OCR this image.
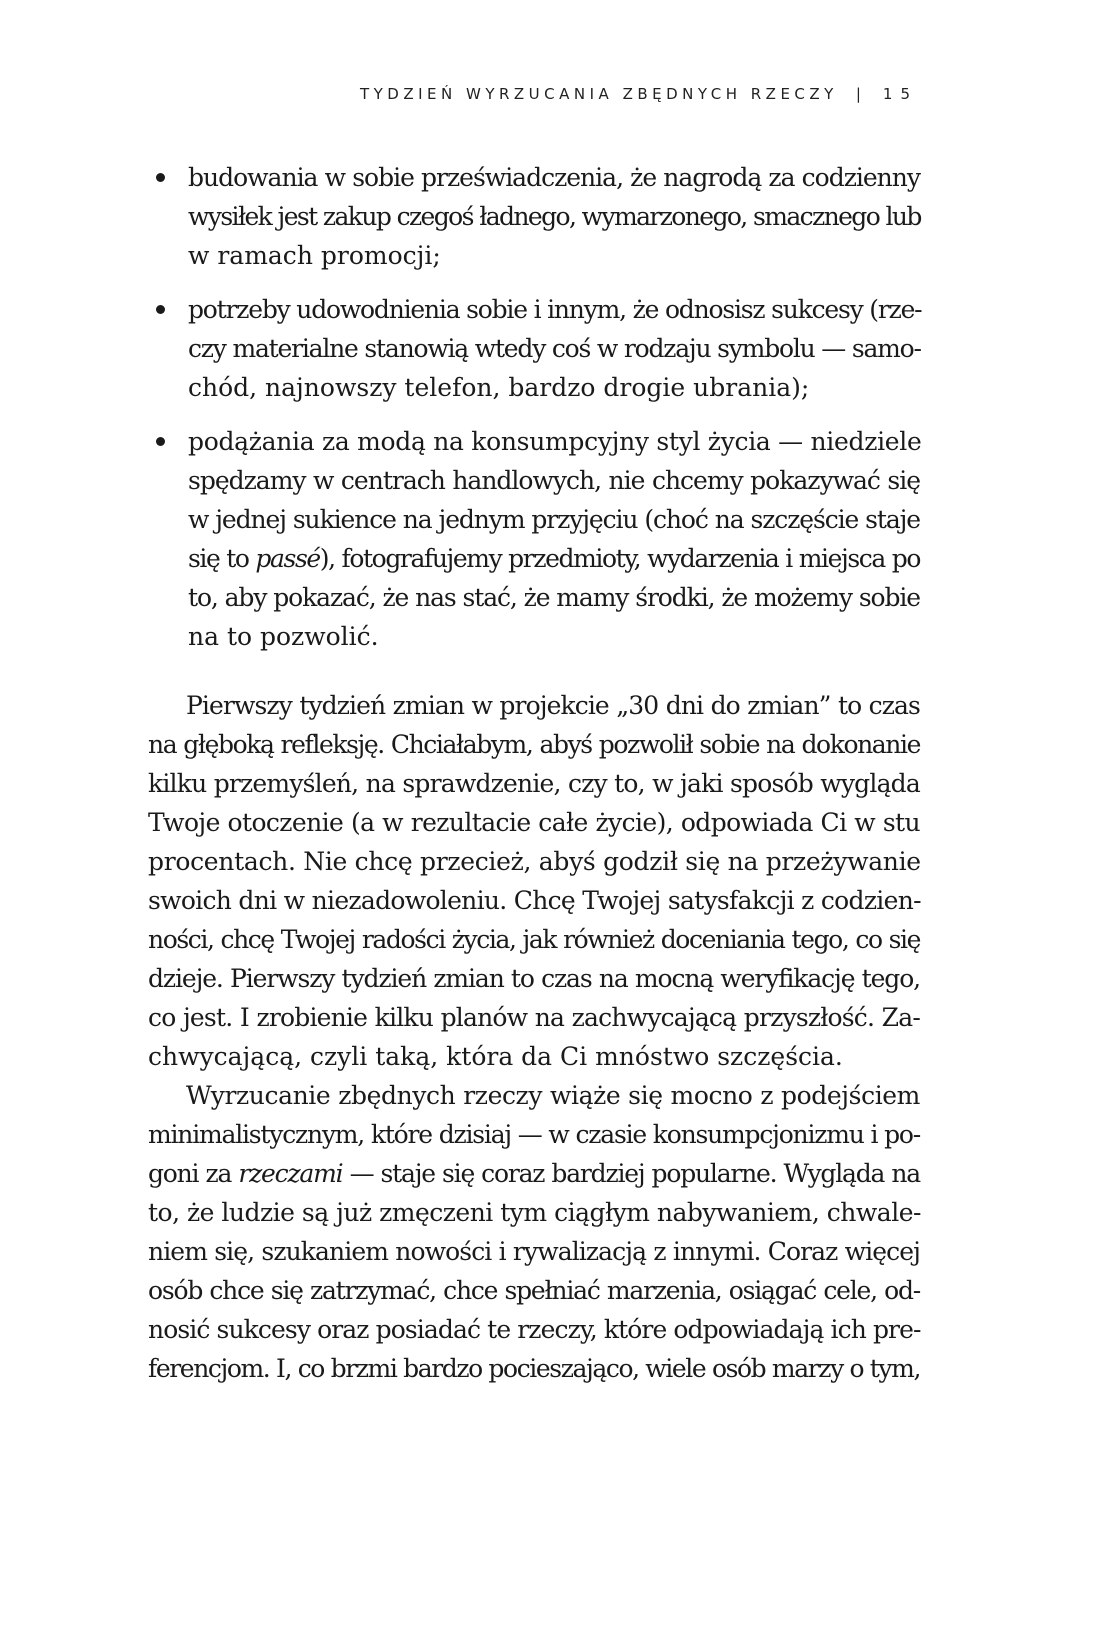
TYDZIEŃ WYRZUCANIA ZBĘDNYCH RZECZY | 15
budowania w sobie przeświadczenia, że nagrodą za codzienny
wysiłek jest zakup czegoś ładnego, wymarzonego, smacznego lub
w ramach promocji;
potrzeby udowodnienia sobie i innym, że odnosisz sukcesy (rze-
czy materialne stanowią wtedy coś w rodzaju symbolu — samo-
chód, najnowszy telefon, bardzo drogie ubrania);
podążania za modą na konsumpcyjny styl życia — niedziele
spędzamy w centrach handlowych, nie chcemy pokazywać się
w jednej sukience na jednym przyjęciu (choć na szczęście staje
się to passé), fotografujemy przedmioty, wydarzenia i miejsca po
to, aby pokazać, że nas stać, że mamy środki, że możemy sobie
na to pozwolić.

Pierwszy tydzień zmian w projekcie „30 dni do zmian” to czas
na głęboką refleksję. Chciałabym, abyś pozwolił sobie na dokonanie
kilku przemyśleń, na sprawdzenie, czy to, w jaki sposób wygląda
Twoje otoczenie (a w rezultacie całe życie), odpowiada Ci w stu
procentach. Nie chcę przecież, abyś godził się na przeżywanie
swoich dni w niezadowoleniu. Chcę Twojej satysfakcji z codzien-
ności, chcę Twojej radości życia, jak również doceniania tego, co się
dzieje. Pierwszy tydzień zmian to czas na mocną weryfikację tego,
co jest. I zrobienie kilku planów na zachwycającą przyszłość. Za-
chwycającą, czyli taką, która da Ci mnóstwo szczęścia.

Wyrzucanie zbędnych rzeczy wiąże się mocno z podejściem
minimalistycznym, które dzisiaj — w czasie konsumpcjonizmu i po-
goni za rzeczami — staje się coraz bardziej popularne. Wygląda na
to, że ludzie są już zmęczeni tym ciągłym nabywaniem, chwale-
niem się, szukaniem nowości i rywalizacją z innymi. Coraz więcej
osób chce się zatrzymać, chce spełniać marzenia, osiągać cele, od-
nosić sukcesy oraz posiadać te rzeczy, które odpowiadają ich pre-
ferencjom. I, co brzmi bardzo pocieszająco, wiele osób marzy o tym,
